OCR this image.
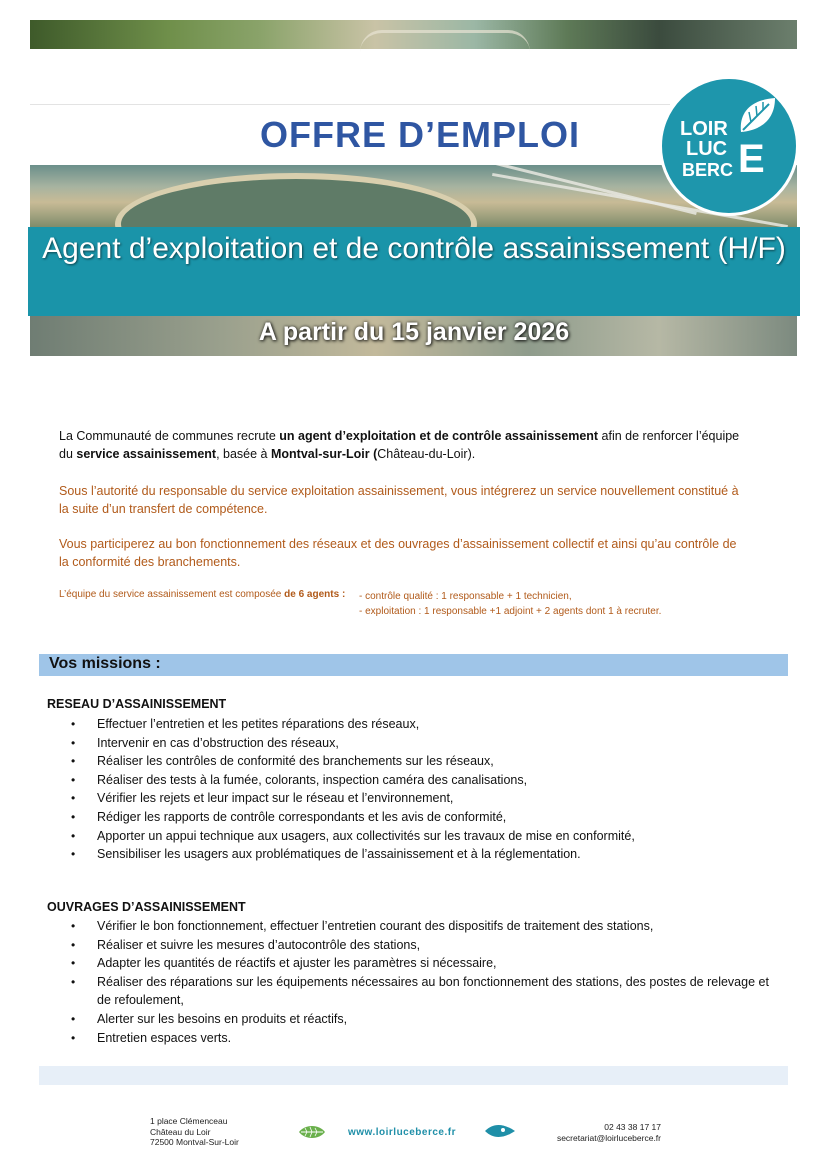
OFFRE D’EMPLOI	LOIR
LUC
BERC E
Agent d’exploitation et de contrôle assainissement (H/F)
A partir du 15 janvier 2026
La Communauté de communes recrute un agent d’exploitation et de contrôle assainissement afin de renforcer l’équipe du service assainissement, basée à Montval-sur-Loir (Château-du-Loir).
Sous l’autorité du responsable du service exploitation assainissement, vous intégrerez un service nouvellement constitué à la suite d’un transfert de compétence.
Vous participerez au bon fonctionnement des réseaux et des ouvrages d’assainissement collectif et ainsi qu’au contrôle de la conformité des branchements.
L’équipe du service assainissement est composée de 6 agents : - contrôle qualité : 1 responsable + 1 technicien,
- exploitation : 1 responsable +1 adjoint + 2 agents dont 1 à recruter.
Vos missions :
RESEAU D’ASSAINISSEMENT
• Effectuer l’entretien et les petites réparations des réseaux,
• Intervenir en cas d’obstruction des réseaux,
• Réaliser les contrôles de conformité des branchements sur les réseaux,
• Réaliser des tests à la fumée, colorants, inspection caméra des canalisations,
• Vérifier les rejets et leur impact sur le réseau et l’environnement,
• Rédiger les rapports de contrôle correspondants et les avis de conformité,
• Apporter un appui technique aux usagers, aux collectivités sur les travaux de mise en conformité,
• Sensibiliser les usagers aux problématiques de l’assainissement et à la réglementation.
OUVRAGES D’ASSAINISSEMENT
• Vérifier le bon fonctionnement, effectuer l’entretien courant des dispositifs de traitement des stations,
• Réaliser et suivre les mesures d’autocontrôle des stations,
• Adapter les quantités de réactifs et ajuster les paramètres si nécessaire,
• Réaliser des réparations sur les équipements nécessaires au bon fonctionnement des stations, des postes de relevage et de refoulement,
• Alerter sur les besoins en produits et réactifs,
• Entretien espaces verts.
1 place Clémenceau
Château du Loir
72500 Montval-Sur-Loir
www.loirluceberce.fr	02 43 38 17 17
secretariat@loirluceberce.fr
